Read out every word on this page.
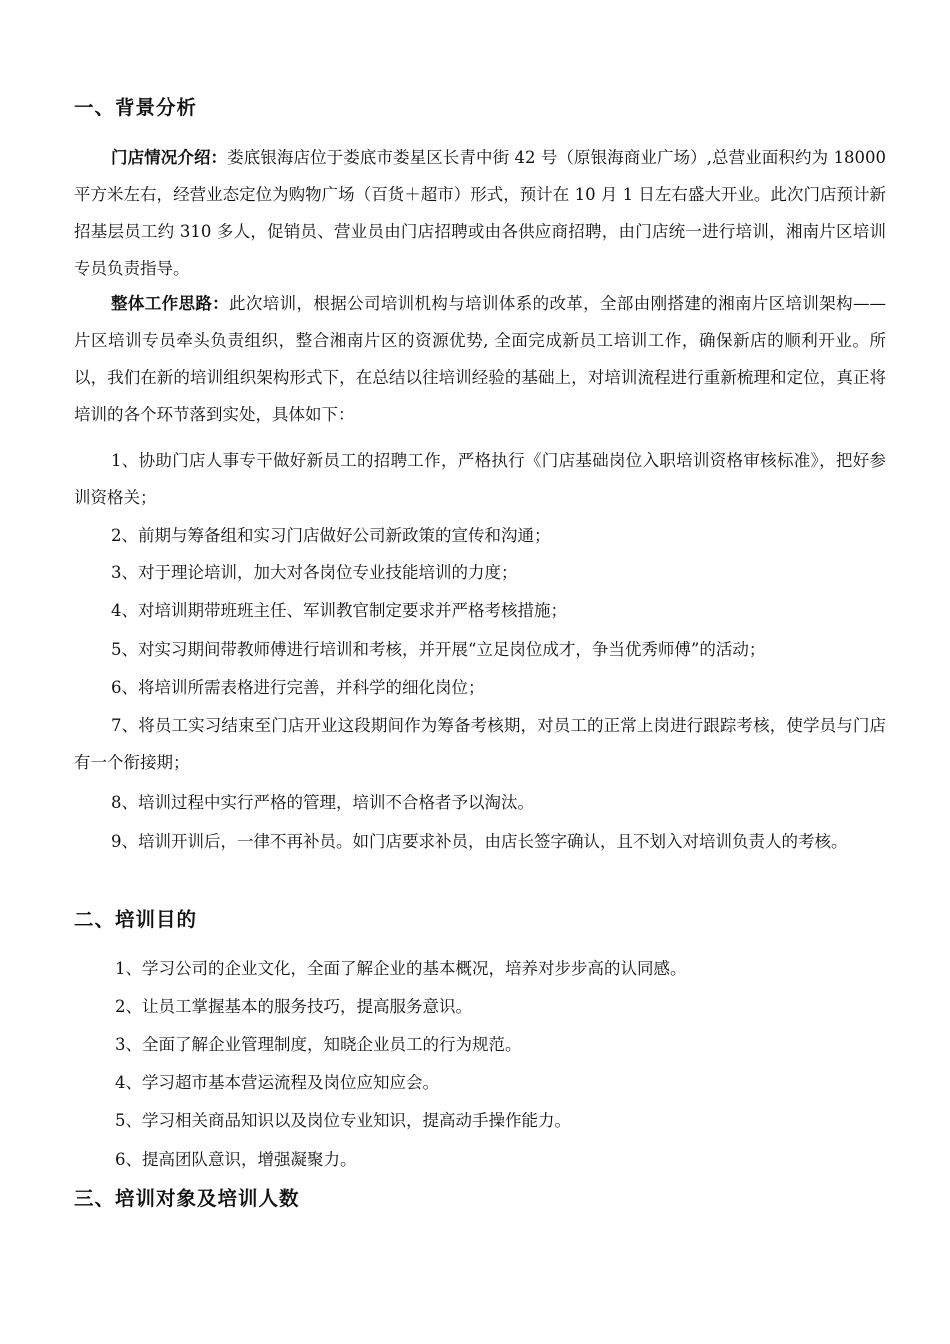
一、背景分析

门店情况介绍：娄底银海店位于娄底市娄星区长青中街 42 号（原银海商业广场）,总营业面积约为 18000 平方米左右，经营业态定位为购物广场（百货＋超市）形式，预计在 10 月 1 日左右盛大开业。此次门店预计新招基层员工约 310 多人，促销员、营业员由门店招聘或由各供应商招聘，由门店统一进行培训，湘南片区培训专员负责指导。

整体工作思路：此次培训，根据公司培训机构与培训体系的改革，全部由刚搭建的湘南片区培训架构——片区培训专员牵头负责组织，整合湘南片区的资源优势, 全面完成新员工培训工作，确保新店的顺利开业。所以，我们在新的培训组织架构形式下，在总结以往培训经验的基础上，对培训流程进行重新梳理和定位，真正将培训的各个环节落到实处，具体如下：

1、协助门店人事专干做好新员工的招聘工作，严格执行《门店基础岗位入职培训资格审核标准》，把好参训资格关；

2、前期与筹备组和实习门店做好公司新政策的宣传和沟通；

3、对于理论培训，加大对各岗位专业技能培训的力度；

4、对培训期带班班主任、军训教官制定要求并严格考核措施；

5、对实习期间带教师傅进行培训和考核，并开展“立足岗位成才，争当优秀师傅”的活动；

6、将培训所需表格进行完善，并科学的细化岗位；

7、将员工实习结束至门店开业这段期间作为筹备考核期，对员工的正常上岗进行跟踪考核，使学员与门店有一个衔接期；

8、培训过程中实行严格的管理，培训不合格者予以淘汰。

9、培训开训后，一律不再补员。如门店要求补员，由店长签字确认，且不划入对培训负责人的考核。

二、培训目的

1、学习公司的企业文化，全面了解企业的基本概况，培养对步步高的认同感。

2、让员工掌握基本的服务技巧，提高服务意识。

3、全面了解企业管理制度，知晓企业员工的行为规范。

4、学习超市基本营运流程及岗位应知应会。

5、学习相关商品知识以及岗位专业知识，提高动手操作能力。

6、提高团队意识，增强凝聚力。

三、培训对象及培训人数
